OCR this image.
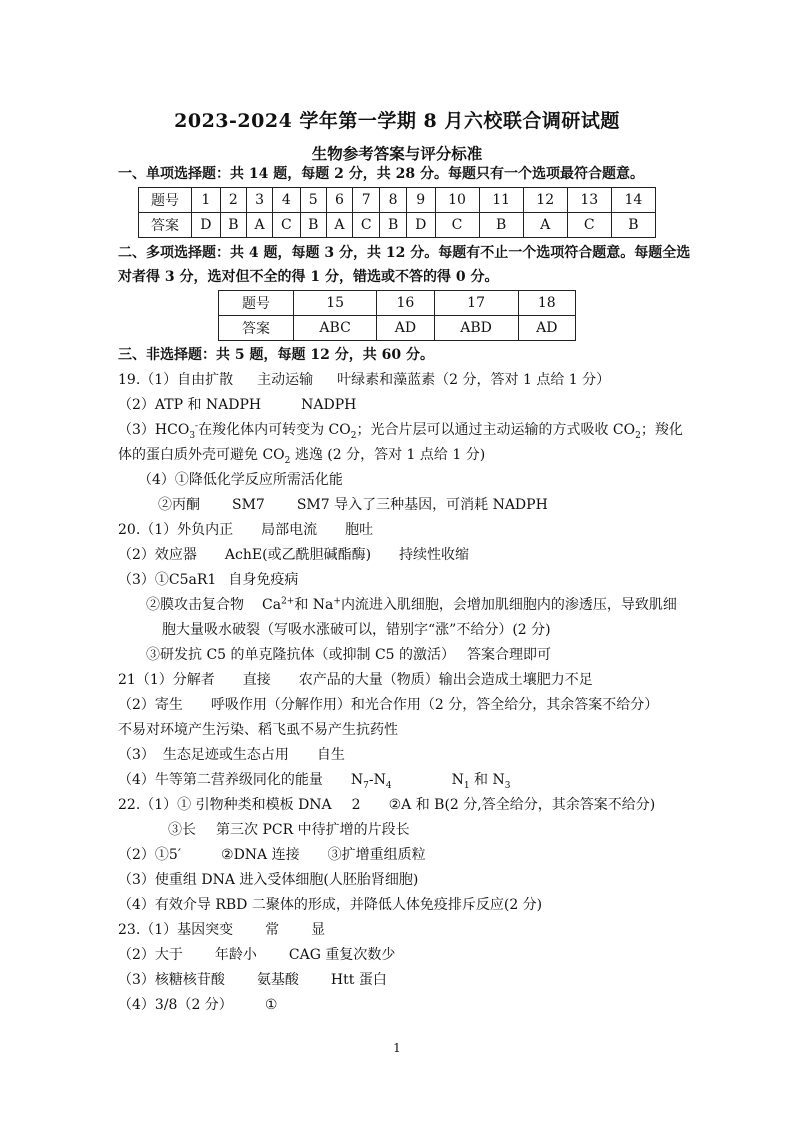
2023-2024 学年第一学期 8 月六校联合调研试题
生物参考答案与评分标准
一、单项选择题：共 14 题，每题 2 分，共 28 分。每题只有一个选项最符合题意。
题号	1	2	3	4	5	6	7	8	9	10	11	12	13	14
答案	D	B	A	C	B	A	C	B	D	C	B	A	C	B
二、多项选择题：共 4 题，每题 3 分，共 12 分。每题有不止一个选项符合题意。每题全选
对者得 3 分，选对但不全的得 1 分，错选或不答的得 0 分。
题号	15	16	17	18
答案	ABC	AD	ABD	AD
三、非选择题：共 5 题，每题 12 分，共 60 分。
19.（1）自由扩散 主动运输 叶绿素和藻蓝素（2 分，答对 1 点给 1 分）
（2）ATP 和 NADPH	NADPH
$(3)HCO_3^-$在羧化体内可转变为 $CO_2$；光合片层可以通过主动运输的方式吸收 $CO_2$；羧化
体的蛋白质外壳可避免 $CO_2$ 逃逸 (2 分，答对 1 点给 1 分)
（4）①降低化学反应所需活化能
②丙酮 SM7 SM7 导入了三种基因，可消耗 NADPH
20.（1）外负内正 局部电流 胞吐
（2）效应器 AchE(或乙酰胆碱酯酶) 持续性收缩
（3）①C5aR1 自身免疫病
②膜攻击复合物 $Ca^{2+}$和 Na+内流进入肌细胞，会增加肌细胞内的渗透压，导致肌细
胞大量吸水破裂（写吸水涨破可以，错别字“涨”不给分）(2 分)
③研发抗 C5 的单克隆抗体（或抑制 C5 的激活） 答案合理即可
21（1）分解者 直接 农产品的大量（物质）输出会造成土壤肥力不足
（2）寄生 呼吸作用（分解作用）和光合作用（2 分，答全给分，其余答案不给分）
不易对环境产生污染、稻飞虱不易产生抗药性
（3） 生态足迹或生态占用 自生
（4）牛等第二营养级同化的能量 $N_7-N_4$	$N_1$ 和 $N_3$
22.（1）① 引物种类和模板 DNA 2 ②A 和 B(2 分,答全给分，其余答案不给分)
③长 第三次 PCR 中待扩增的片段长
（2）①5′	②DNA 连接 ③扩增重组质粒
（3）使重组 DNA 进入受体细胞(人胚胎肾细胞)
（4）有效介导 RBD 二聚体的形成，并降低人体免疫排斥反应(2 分)
23.（1）基因突变 常 显
（2）大于 年龄小 CAG 重复次数少
（3）核糖核苷酸 氨基酸 Htt 蛋白
（4）3/8（2 分） ①
1
